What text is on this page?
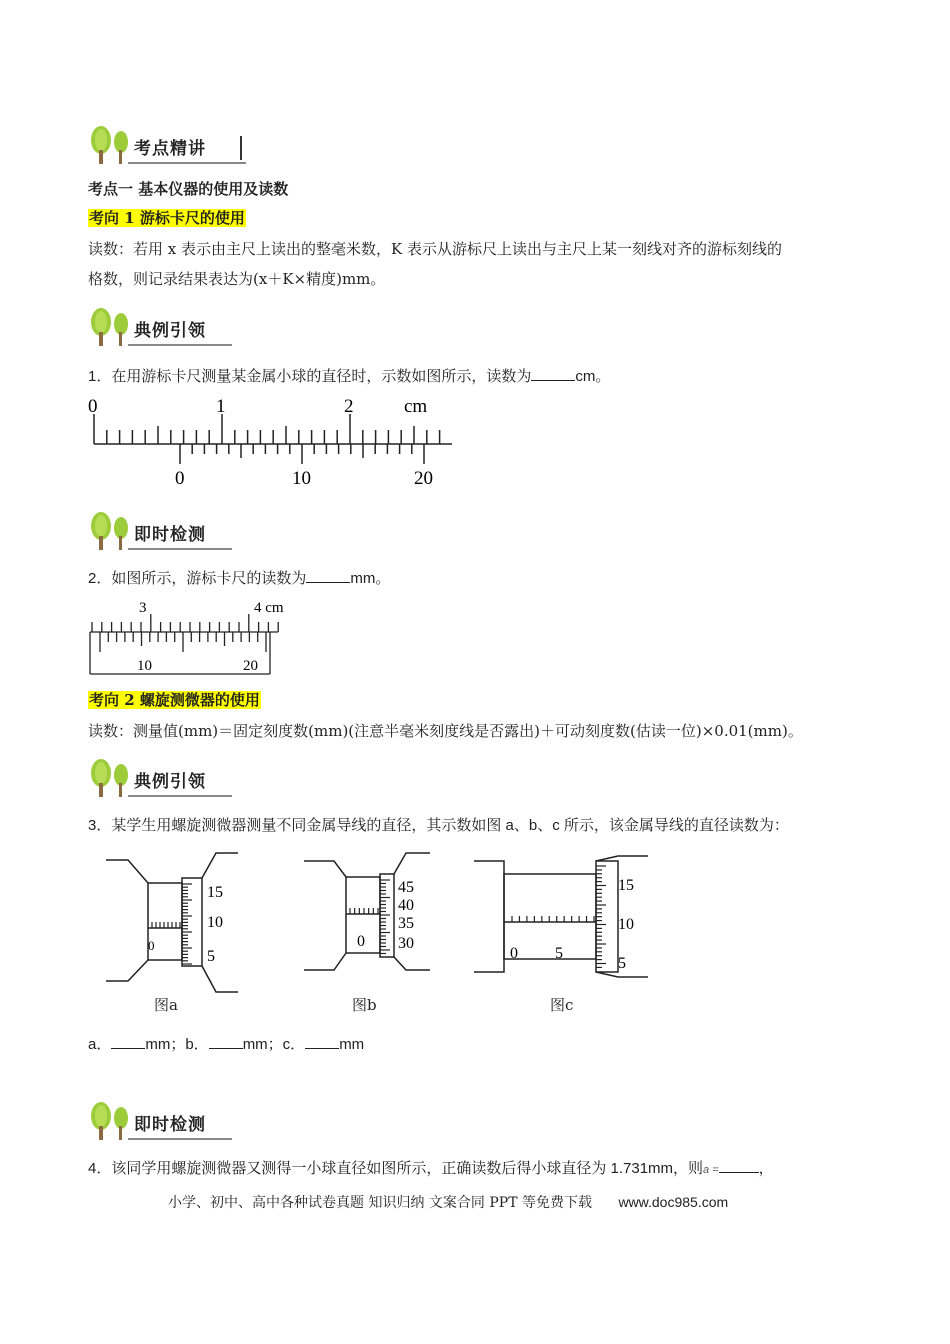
考点精讲
考点一 基本仪器的使用及读数
考向 1 游标卡尺的使用
读数：若用 x 表示由主尺上读出的整毫米数，K 表示从游标尺上读出与主尺上某一刻线对齐的游标刻线的
格数，则记录结果表达为(x＋K×精度)mm。
典例引领
1．在用游标卡尺测量某金属小球的直径时，示数如图所示，读数为	cm。
0	1	2	cm
0	10	20
即时检测
2．如图所示，游标卡尺的读数为	mm。
3	4 cm
10	20
考向 2 螺旋测微器的使用
读数：测量值(mm)＝固定刻度数(mm)(注意半毫米刻度线是否露出)＋可动刻度数(估读一位)×0.01(mm)。
典例引领
3．某学生用螺旋测微器测量不同金属导线的直径，其示数如图 a、b、c 所示，该金属导线的直径读数为：
0
15
10
5
图a
0
45
40
35
30
图b
0 5
15
10
5
图c
a． mm；b． mm；c． mm
即时检测
4．该同学用螺旋测微器又测得一小球直径如图所示，正确读数后得小球直径为 1.731mm，则a =	，
小学、初中、高中各种试卷真题 知识归纳 文案合同 PPT 等免费下载 www.doc985.com
